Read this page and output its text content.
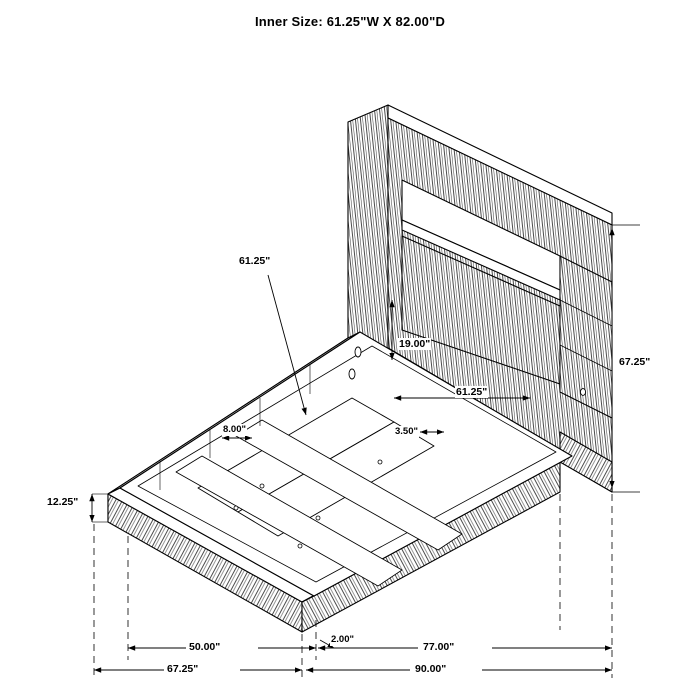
Inner Size: 61.25"W X 82.00"D
61.25"
19.00"
61.25"
8.00"	3.50"
67.25"
12.25"
50.00"
2.00"
77.00"
67.25"	90.00"
